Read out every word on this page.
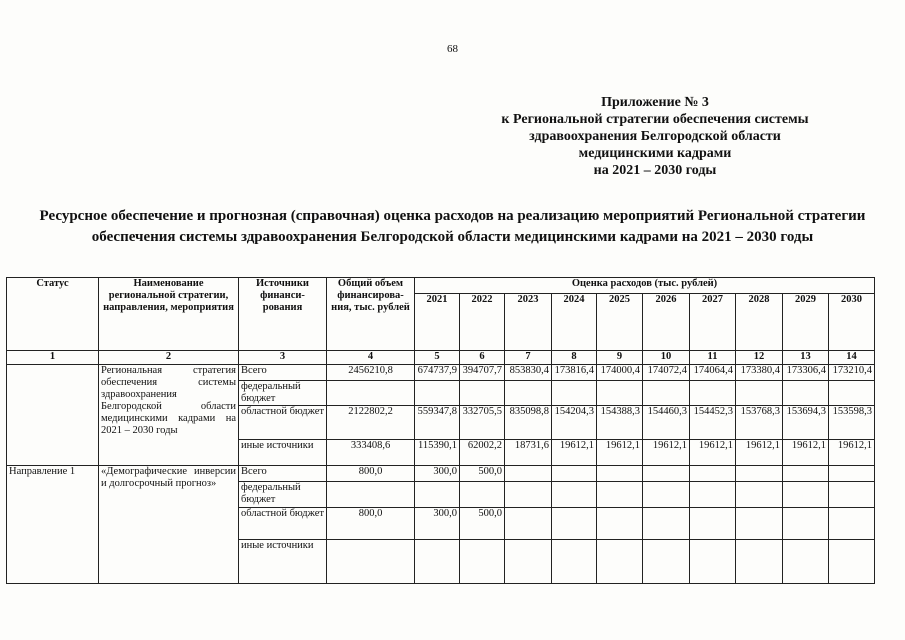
68
Приложение № 3
к Региональной стратегии обеспечения системы
здравоохранения Белгородской области
медицинскими кадрами
на 2021 – 2030 годы
Ресурсное обеспечение и прогнозная (справочная) оценка расходов на реализацию мероприятий Региональной стратегии
обеспечения системы здравоохранения Белгородской области медицинскими кадрами на 2021 – 2030 годы
Статус	Наименование региональной стратегии, направления, мероприятия	Источники финанси-рования	Общий объем финансирова-ния, тыс. рублей	Оценка расходов (тыс. рублей)									
				2021	2022	2023	2024	2025	2026	2027	2028	2029	2030
1	2	3	4	5	6	7	8	9	10	11	12	13	14
	Региональная стратегия обеспечения системы здравоохранения Белгородской области медицинскими кадрами на 2021 – 2030 годы	Всего	2456210,8	674737,9	394707,7	853830,4	173816,4	174000,4	174072,4	174064,4	173380,4	173306,4	173210,4
		федеральный бюджет											
		областной бюджет	2122802,2	559347,8	332705,5	835098,8	154204,3	154388,3	154460,3	154452,3	153768,3	153694,3	153598,3
		иные источники	333408,6	115390,1	62002,2	18731,6	19612,1	19612,1	19612,1	19612,1	19612,1	19612,1	19612,1
Направление 1	«Демографические инверсии и долгосрочный прогноз»	Всего	800,0	300,0	500,0								
		федеральный бюджет											
		областной бюджет	800,0	300,0	500,0								
		иные источники											
